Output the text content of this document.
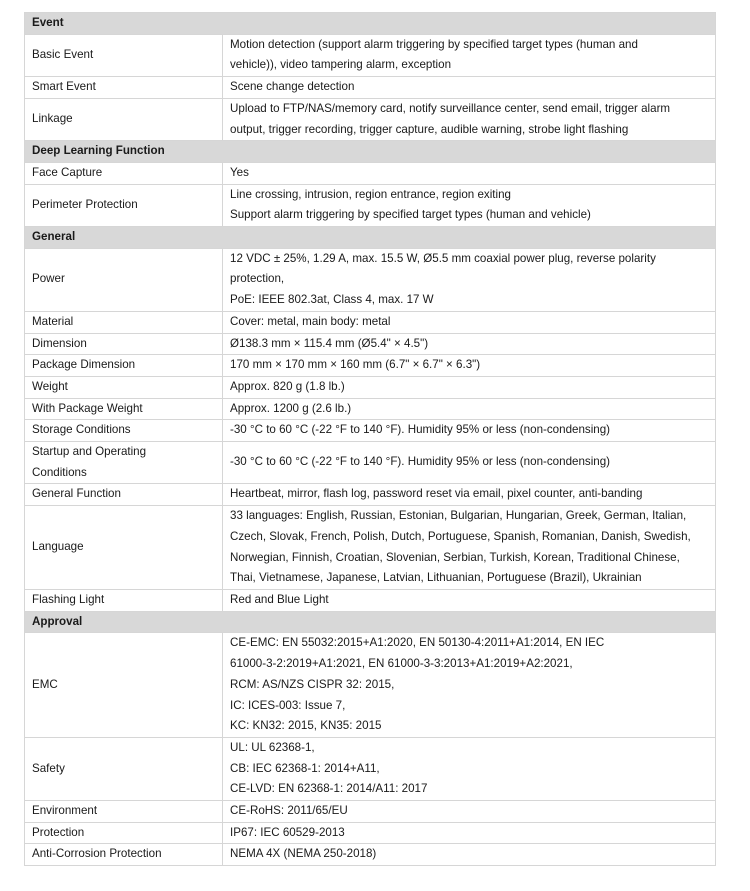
Event	
Basic Event	Motion detection (support alarm triggering by specified target types (human and
vehicle)), video tampering alarm, exception

Smart Event	Scene change detection

Linkage	Upload to FTP/NAS/memory card, notify surveillance center, send email, trigger alarm
output, trigger recording, trigger capture, audible warning, strobe light flashing

Deep Learning Function	
Face Capture	Yes

Perimeter Protection	Line crossing, intrusion, region entrance, region exiting
Support alarm triggering by specified target types (human and vehicle)

General	
Power	12 VDC ± 25%, 1.29 A, max. 15.5 W, Ø5.5 mm coaxial power plug, reverse polarity
protection,
PoE: IEEE 802.3at, Class 4, max. 17 W

Material	Cover: metal, main body: metal

Dimension	Ø138.3 mm × 115.4 mm (Ø5.4" × 4.5")

Package Dimension	170 mm × 170 mm × 160 mm (6.7" × 6.7" × 6.3")

Weight	Approx. 820 g (1.8 lb.)

With Package Weight	Approx. 1200 g (2.6 lb.)

Storage Conditions	-30 °C to 60 °C (-22 °F to 140 °F). Humidity 95% or less (non-condensing)

Startup and Operating
Conditions	-30 °C to 60 °C (-22 °F to 140 °F). Humidity 95% or less (non-condensing)

General Function	Heartbeat, mirror, flash log, password reset via email, pixel counter, anti-banding

Language	33 languages: English, Russian, Estonian, Bulgarian, Hungarian, Greek, German, Italian,
Czech, Slovak, French, Polish, Dutch, Portuguese, Spanish, Romanian, Danish, Swedish,
Norwegian, Finnish, Croatian, Slovenian, Serbian, Turkish, Korean, Traditional Chinese,
Thai, Vietnamese, Japanese, Latvian, Lithuanian, Portuguese (Brazil), Ukrainian

Flashing Light	Red and Blue Light

Approval	
EMC	CE-EMC: EN 55032:2015+A1:2020, EN 50130-4:2011+A1:2014, EN IEC
61000-3-2:2019+A1:2021, EN 61000-3-3:2013+A1:2019+A2:2021,
RCM: AS/NZS CISPR 32: 2015,
IC: ICES-003: Issue 7,
KC: KN32: 2015, KN35: 2015

Safety	UL: UL 62368-1,
CB: IEC 62368-1: 2014+A11,
CE-LVD: EN 62368-1: 2014/A11: 2017

Environment	CE-RoHS: 2011/65/EU

Protection	IP67: IEC 60529-2013

Anti-Corrosion Protection	NEMA 4X (NEMA 250-2018)
